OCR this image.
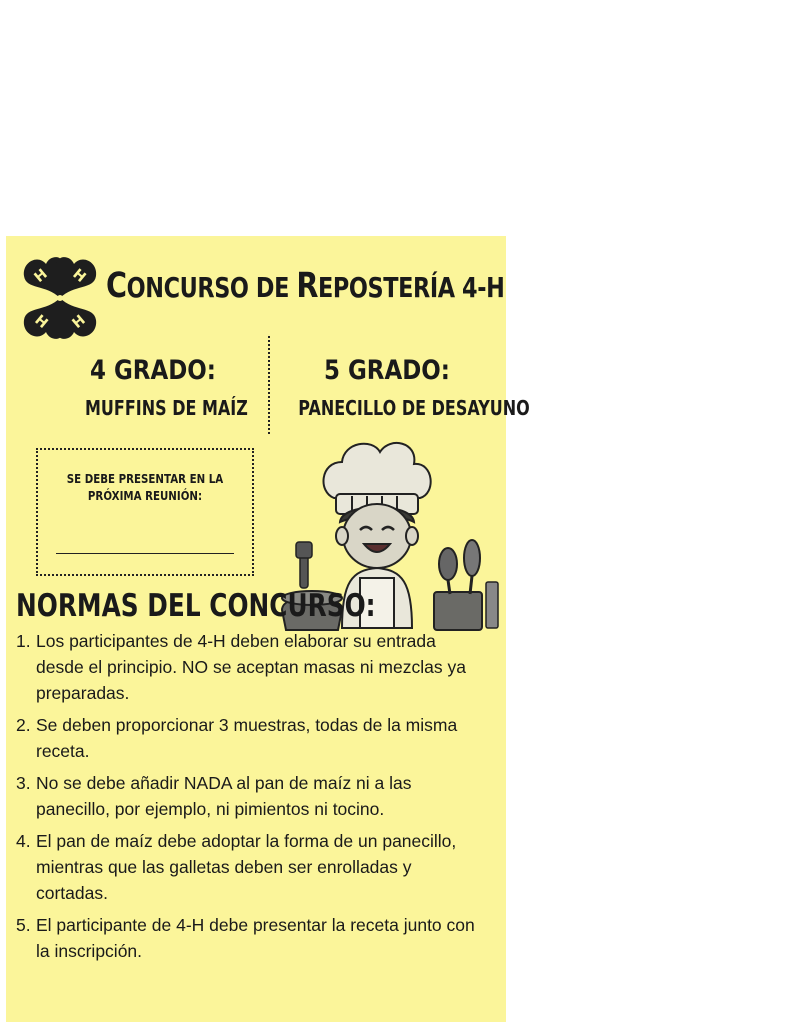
H H
H H
CONCURSO DE REPOSTERÍA 4-H
4 GRADO:
MUFFINS DE MAÍZ
5 GRADO:
PANECILLO DE DESAYUNO
SE DEBE PRESENTAR EN LA PRÓXIMA REUNIÓN:
NORMAS DEL CONCURSO:
1. Los participantes de 4-H deben elaborar su entrada desde el principio. NO se aceptan masas ni mezclas ya preparadas.
2. Se deben proporcionar 3 muestras, todas de la misma receta.
3. No se debe añadir NADA al pan de maíz ni a las panecillo, por ejemplo, ni pimientos ni tocino.
4. El pan de maíz debe adoptar la forma de un panecillo, mientras que las galletas deben ser enrolladas y cortadas.
5. El participante de 4-H debe presentar la receta junto con la inscripción.
